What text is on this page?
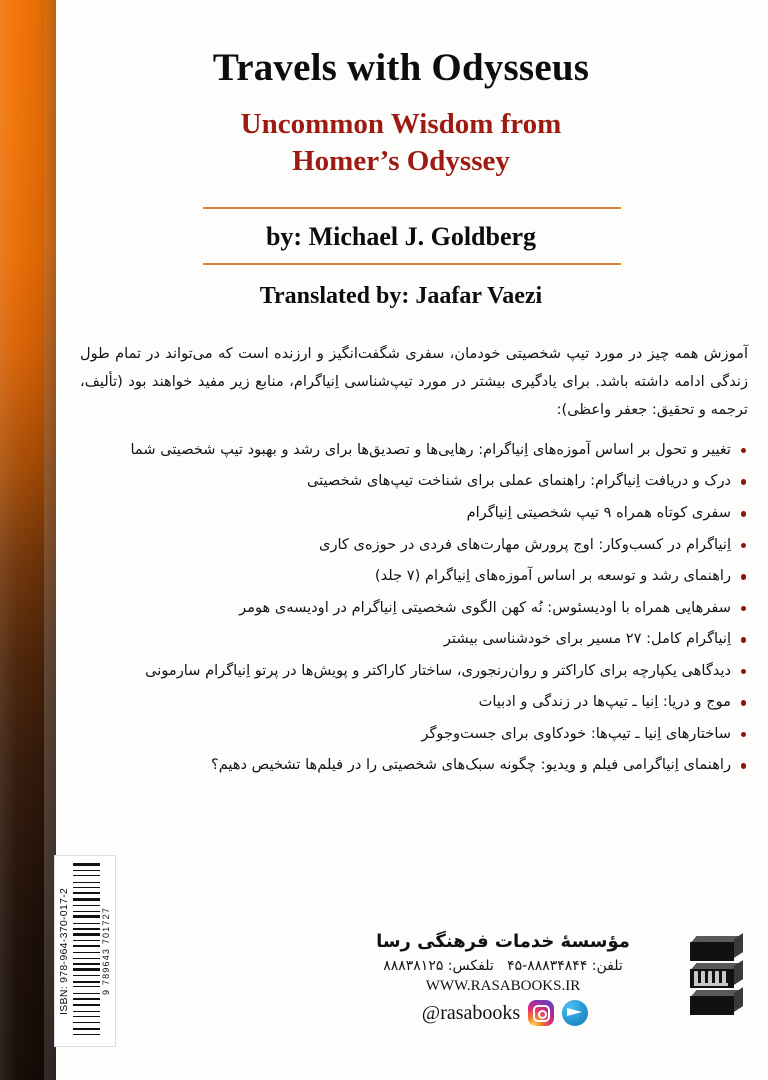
Travels with Odysseus
Uncommon Wisdom from
Homer’s Odyssey
by: Michael J. Goldberg
Translated by: Jaafar Vaezi

آموزش همه چیز در مورد تیپ شخصیتی خودمان، سفری شگفت‌انگیز و ارزنده است که می‌تواند در تمام طول زندگی ادامه داشته باشد. برای یادگیری بیشتر در مورد تیپ‌شناسی اِنیاگرام، منابع زیر مفید خواهند بود (تألیف، ترجمه و تحقیق: جعفر واعظی):

تغییر و تحول بر اساس آموزه‌های اِنیاگرام: رهایی‌ها و تصدیق‌ها برای رشد و بهبود تیپ شخصیتی شما
درک و دریافت اِنیاگرام: راهنمای عملی برای شناخت تیپ‌های شخصیتی
سفری کوتاه همراه ۹ تیپ شخصیتی اِنیاگرام
اِنیاگرام در کسب‌وکار: اوج پرورش مهارت‌های فردی در حوزه‌ی کاری
راهنمای رشد و توسعه بر اساس آموزه‌های اِنیاگرام (۷ جلد)
سفرهایی همراه با اودیسئوس: نُه کهن الگوی شخصیتی اِنیاگرام در اودیسه‌ی هومر
اِنیاگرام کامل: ۲۷ مسیر برای خودشناسی بیشتر
دیدگاهی یکپارچه برای کاراکتر و روان‌رنجوری، ساختار کاراکتر و پویش‌ها در پرتو اِنیاگرام سارمونی
موج و دریا: اِنیا ـ تیپ‌ها در زندگی و ادبیات
ساختارهای اِنیا ـ تیپ‌ها: خودکاوی برای جست‌وجوگر
راهنمای اِنیاگرامی فیلم و ویدیو: چگونه سبک‌های شخصیتی را در فیلم‌ها تشخیص دهیم؟
مؤسسهٔ خدمات فرهنگی رسا
تلفن: ۸۸۸۳۴۸۴۴-۴۵   تلفکس: ۸۸۸۳۸۱۲۵
WWW.RASABOOKS.IR
@rasabooks
ISBN: 978-964-370-017-2	9 789643 701727
